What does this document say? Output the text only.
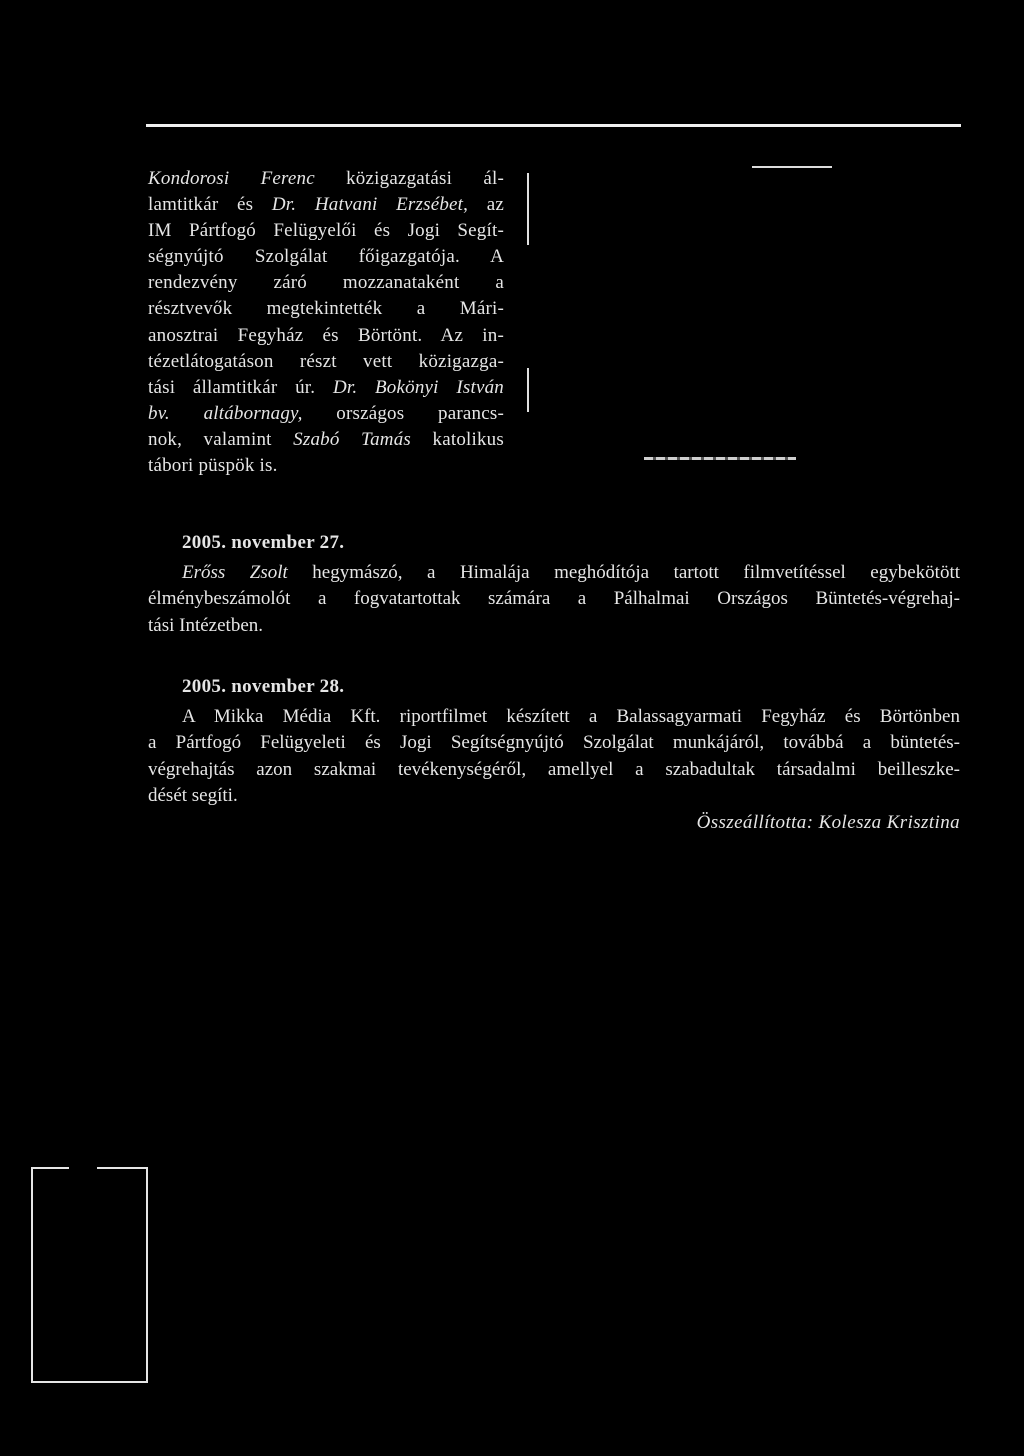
Kondorosi Ferenc közigazgatási ál-
lamtitkár és Dr. Hatvani Erzsébet, az
IM Pártfogó Felügyelői és Jogi Segít-
ségnyújtó Szolgálat főigazgatója. A
rendezvény záró mozzanataként a
résztvevők megtekintették a Mári-
anosztrai Fegyház és Börtönt. Az in-
tézetlátogatáson részt vett közigazga-
tási államtitkár úr. Dr. Bokönyi István
bv. altábornagy, országos parancs-
nok, valamint Szabó Tamás katolikus
tábori püspök is.
2005. november 27.
Erőss Zsolt hegymászó, a Himalája meghódítója tartott filmvetítéssel egybekötött
élménybeszámolót a fogvatartottak számára a Pálhalmai Országos Büntetés-végrehaj-
tási Intézetben.
2005. november 28.
A Mikka Média Kft. riportfilmet készített a Balassagyarmati Fegyház és Börtönben
a Pártfogó Felügyeleti és Jogi Segítségnyújtó Szolgálat munkájáról, továbbá a büntetés-
végrehajtás azon szakmai tevékenységéről, amellyel a szabadultak társadalmi beilleszke-
dését segíti.
Összeállította: Kolesza Krisztina
